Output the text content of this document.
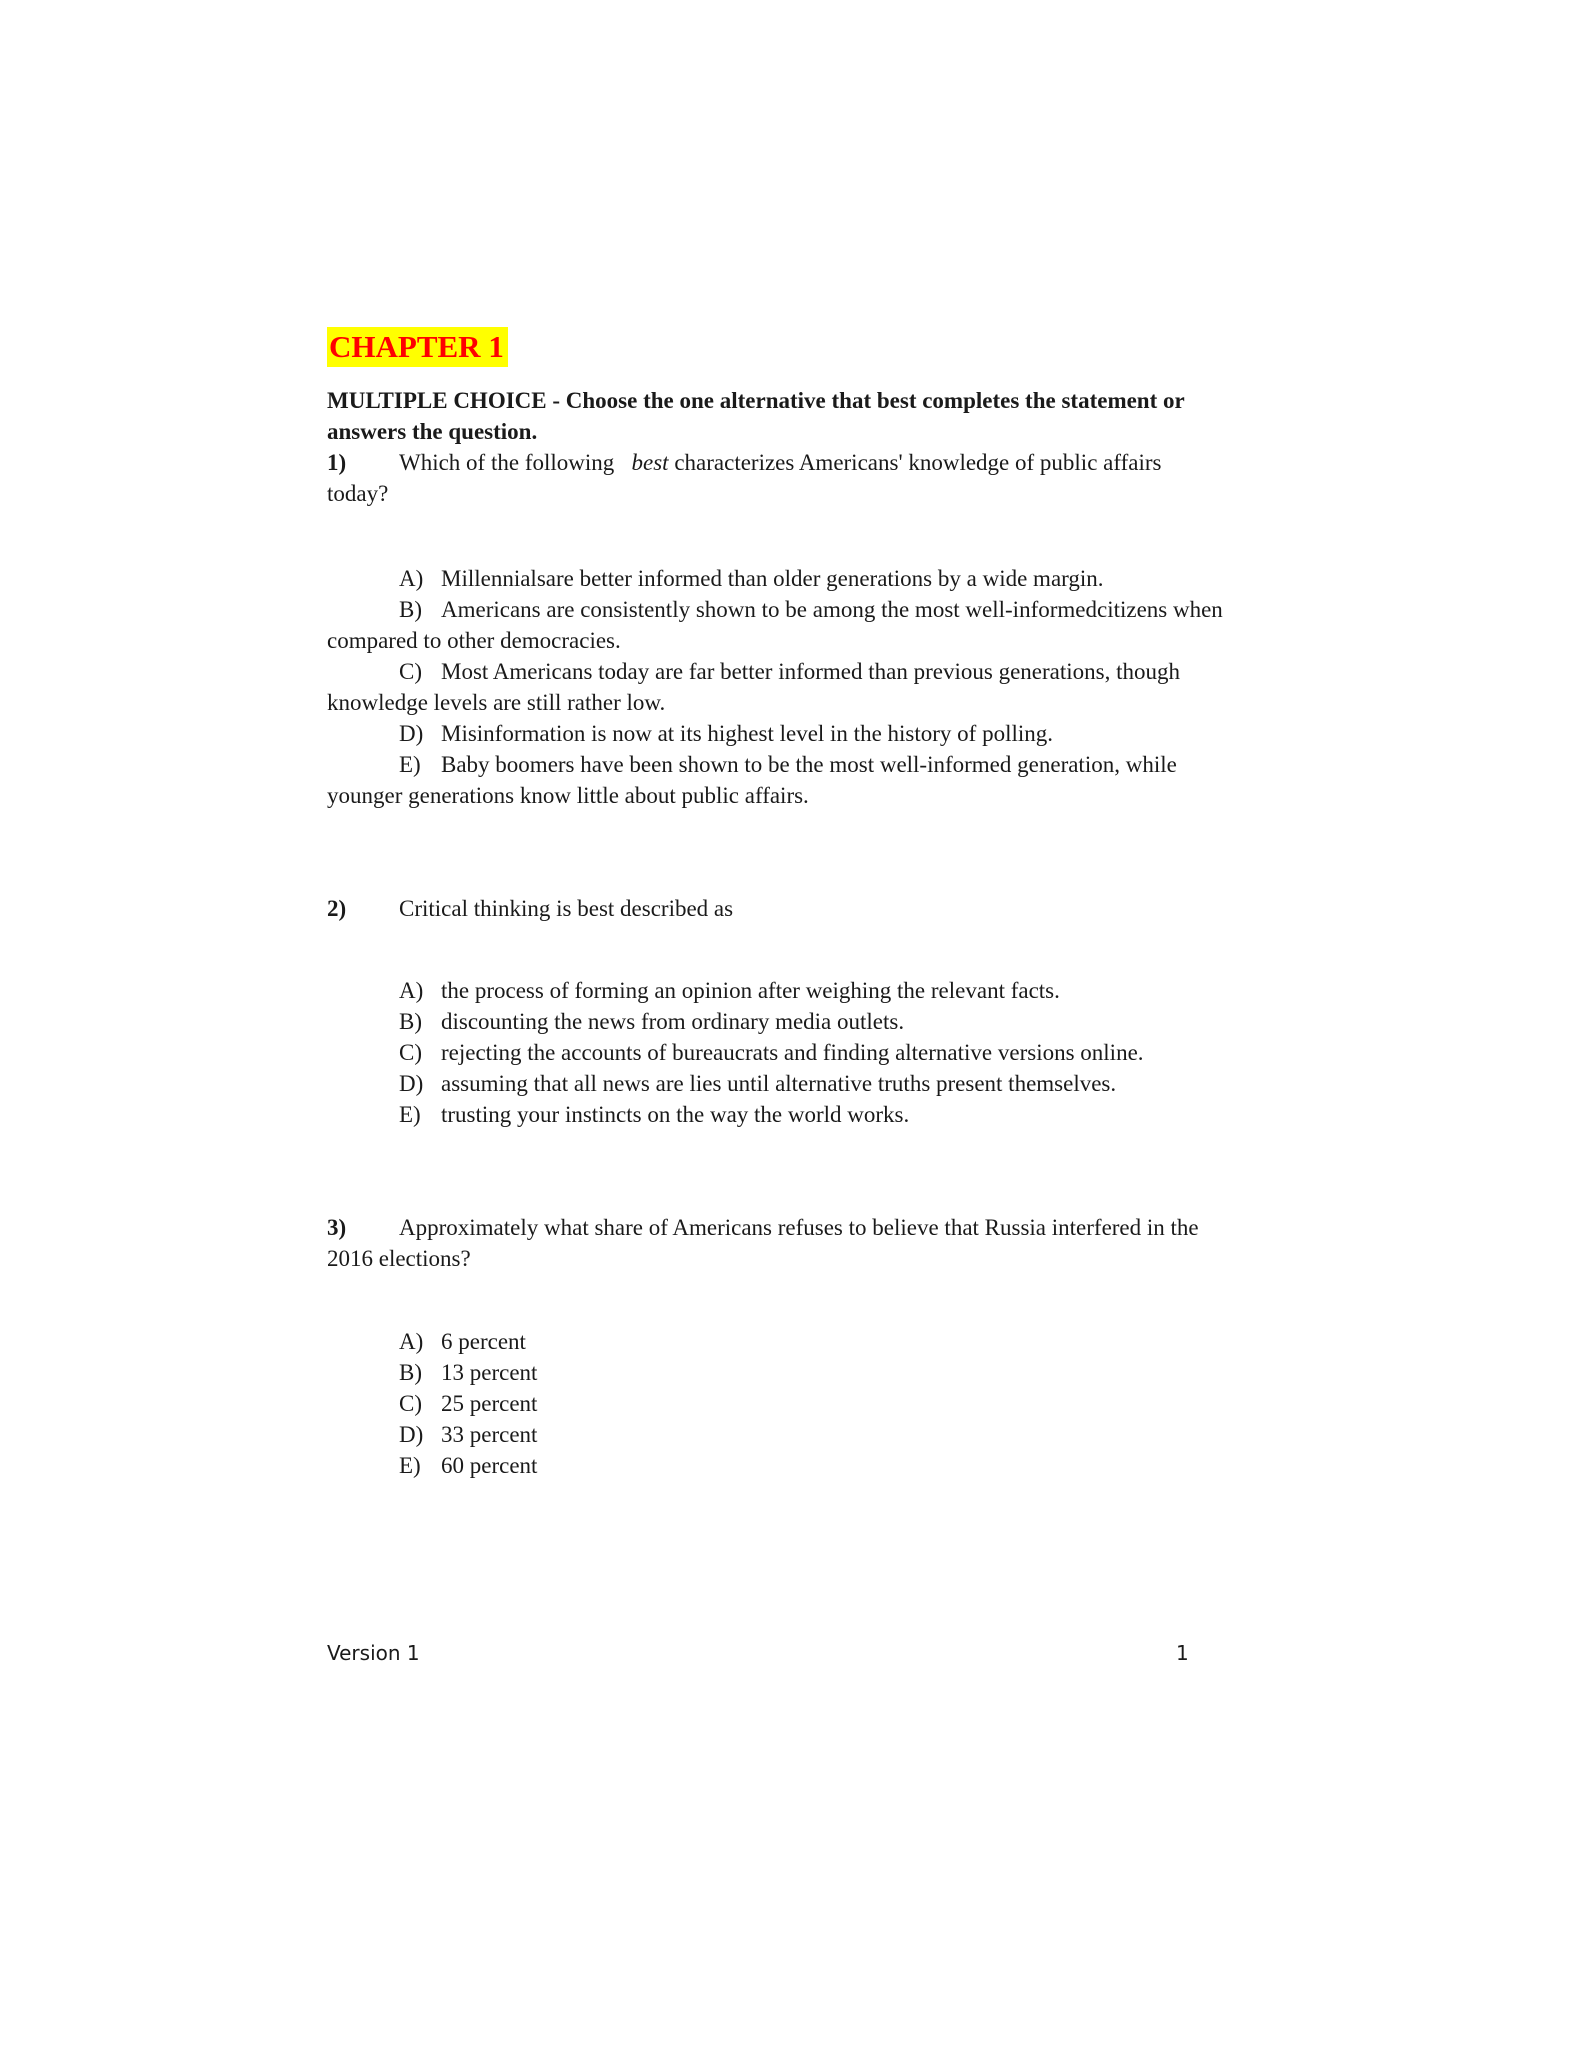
CHAPTER 1
MULTIPLE CHOICE - Choose the one alternative that best completes the statement or
answers the question.
1) Which of the following best characterizes Americans' knowledge of public affairs
today?
A) Millennialsare better informed than older generations by a wide margin.
B) Americans are consistently shown to be among the most well-informedcitizens when
compared to other democracies.
C) Most Americans today are far better informed than previous generations, though
knowledge levels are still rather low.
D) Misinformation is now at its highest level in the history of polling.
E) Baby boomers have been shown to be the most well-informed generation, while
younger generations know little about public affairs.
2) Critical thinking is best described as
A) the process of forming an opinion after weighing the relevant facts.
B) discounting the news from ordinary media outlets.
C) rejecting the accounts of bureaucrats and finding alternative versions online.
D) assuming that all news are lies until alternative truths present themselves.
E) trusting your instincts on the way the world works.
3) Approximately what share of Americans refuses to believe that Russia interfered in the
2016 elections?
A) 6 percent
B) 13 percent
C) 25 percent
D) 33 percent
E) 60 percent
Version 1	1
